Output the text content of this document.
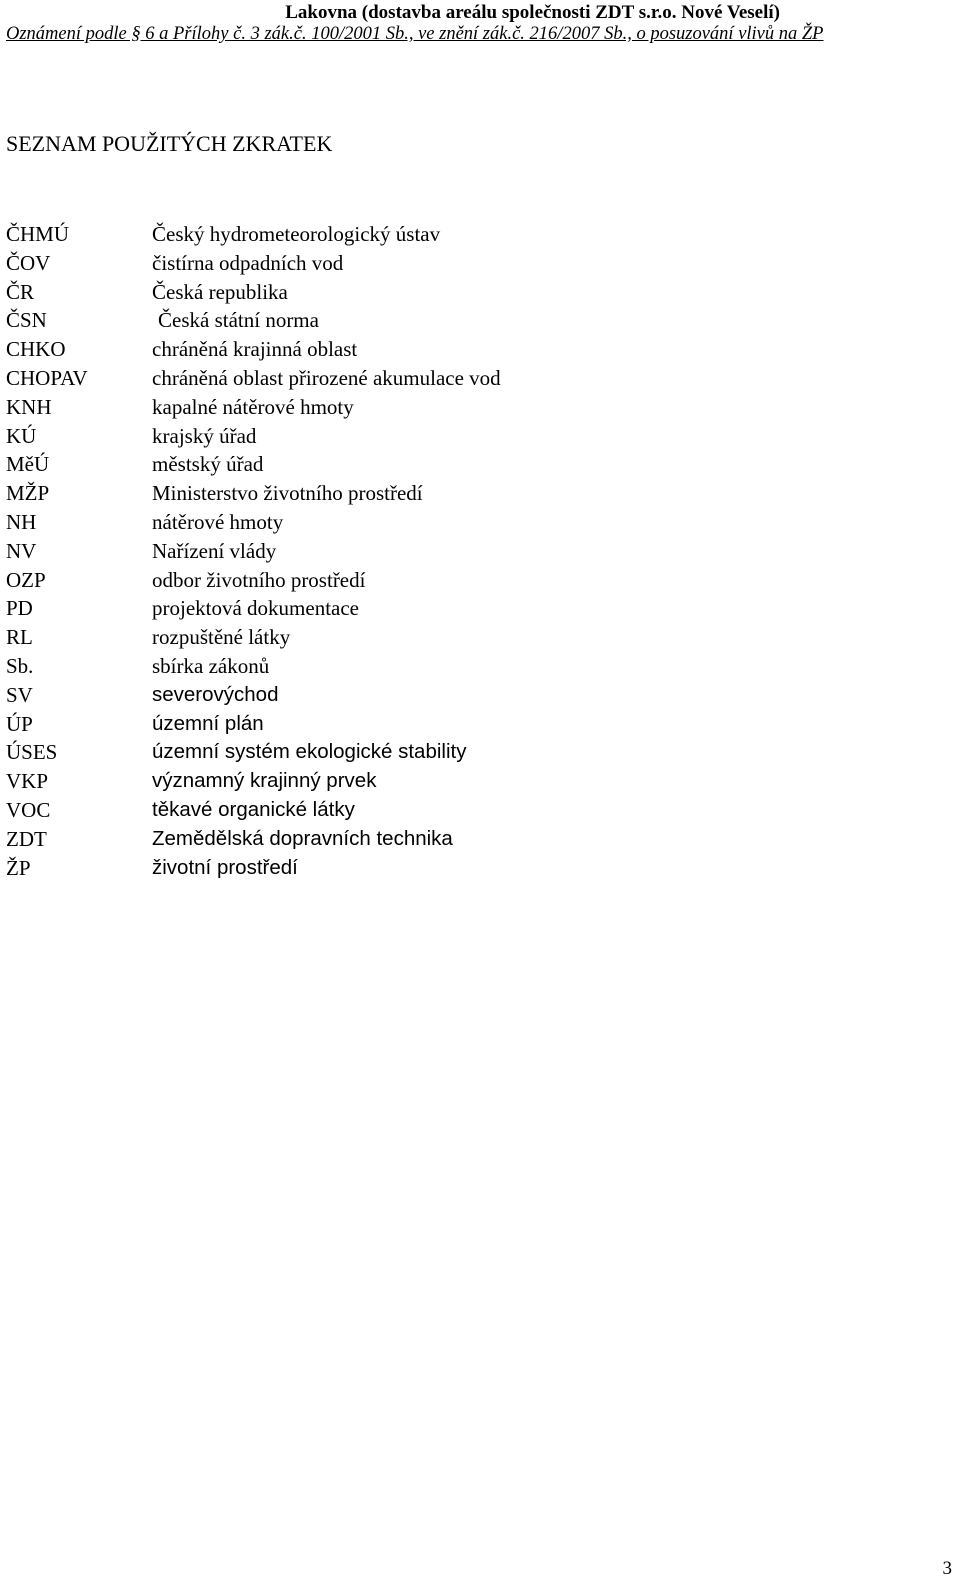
Lakovna (dostavba areálu společnosti ZDT s.r.o. Nové Veselí)
Oznámení podle § 6 a Přílohy č. 3 zák.č. 100/2001 Sb., ve znění zák.č. 216/2007 Sb., o posuzování vlivů na ŽP
SEZNAM POUŽITÝCH ZKRATEK
ČHMÚ	Český hydrometeorologický ústav
ČOV	čistírna odpadních vod
ČR	Česká republika
ČSN	Česká státní norma
CHKO	chráněná krajinná oblast
CHOPAV	chráněná oblast přirozené akumulace vod
KNH	kapalné nátěrové hmoty
KÚ	krajský úřad
MěÚ	městský úřad
MŽP	Ministerstvo životního prostředí
NH	nátěrové hmoty
NV	Nařízení vlády
OZP	odbor životního prostředí
PD	projektová dokumentace
RL	rozpuštěné látky
Sb.	sbírka zákonů
SV	severovýchod
ÚP	územní plán
ÚSES	územní systém ekologické stability
VKP	významný krajinný prvek
VOC	těkavé organické látky
ZDT	Zemědělská dopravních technika
ŽP	životní prostředí
3
